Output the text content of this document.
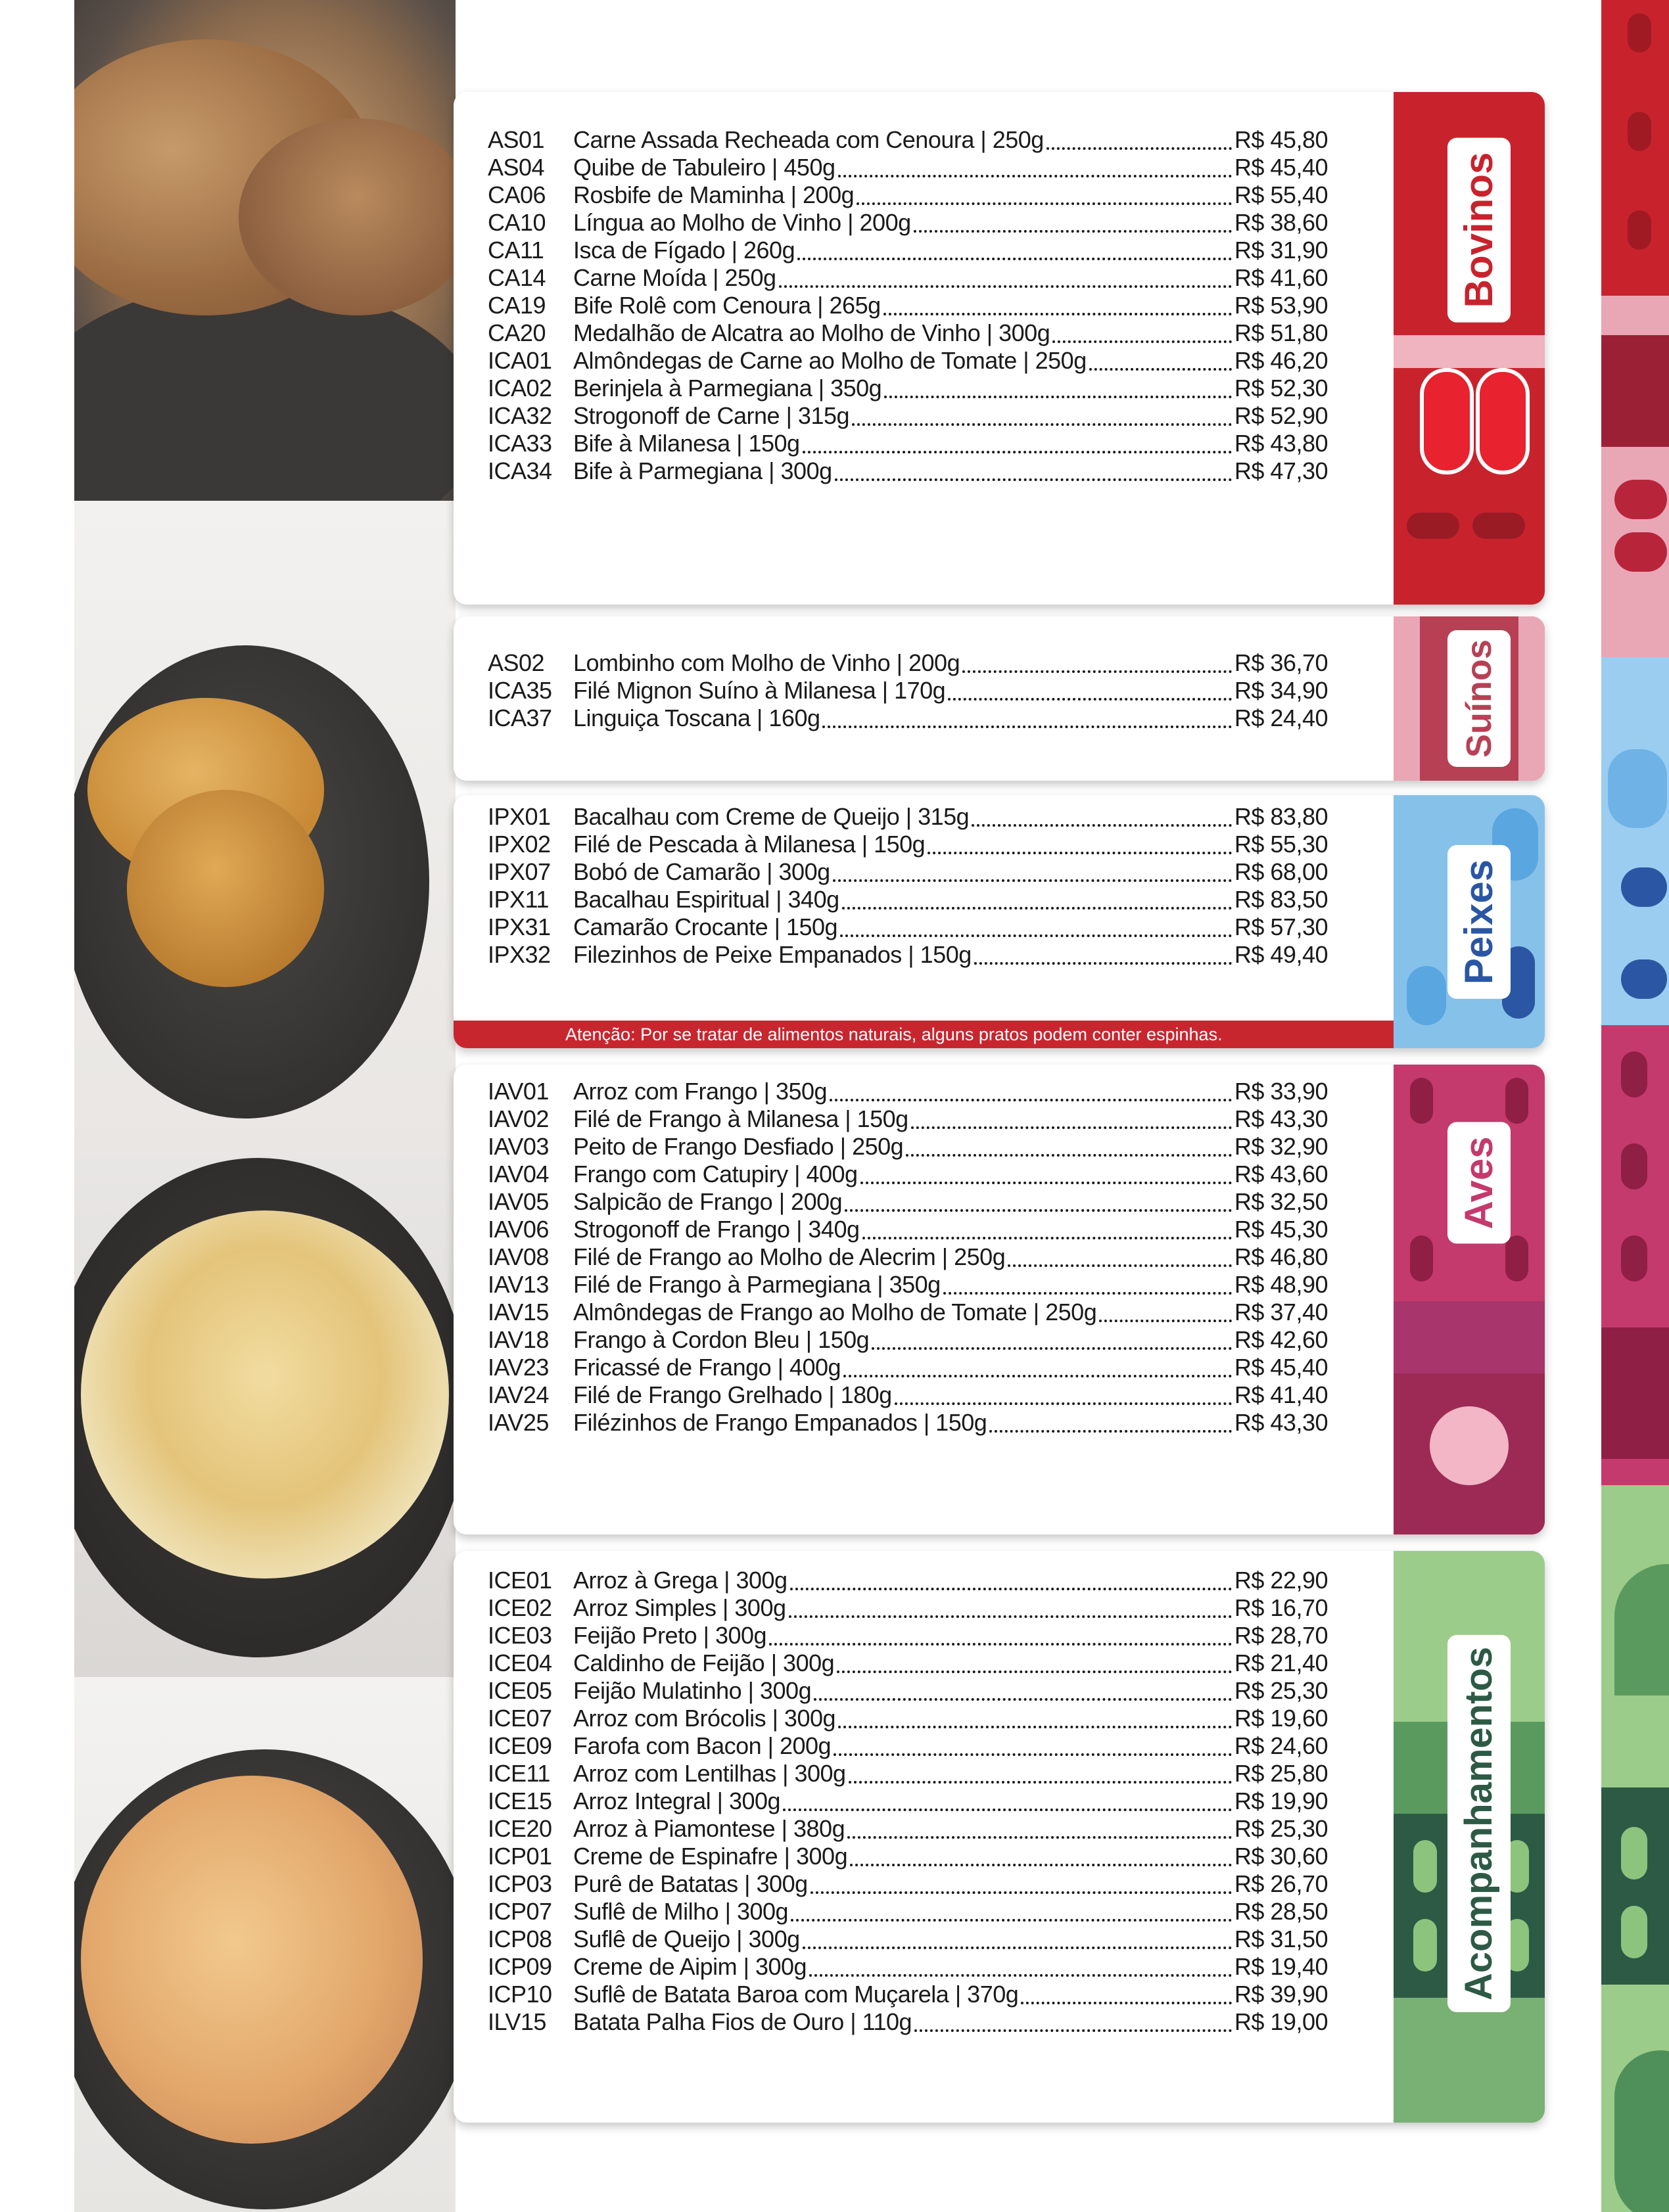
AS01	Carne Assada Recheada com Cenoura | 250g	R$ 45,80
AS04	Quibe de Tabuleiro | 450g	R$ 45,40
CA06	Rosbife de Maminha | 200g	R$ 55,40
CA10	Língua ao Molho de Vinho | 200g	R$ 38,60
CA11	Isca de Fígado | 260g	R$ 31,90
CA14	Carne Moída | 250g	R$ 41,60
CA19	Bife Rolê com Cenoura | 265g	R$ 53,90
CA20	Medalhão de Alcatra ao Molho de Vinho | 300g	R$ 51,80
ICA01 Almôndegas de Carne ao Molho de Tomate | 250g	R$ 46,20
ICA02 Berinjela à Parmegiana | 350g	R$ 52,30
ICA32 Strogonoff de Carne | 315g	R$ 52,90
ICA33 Bife à Milanesa | 150g	R$ 43,80
ICA34 Bife à Parmegiana | 300g	R$ 47,30
Bovinos
AS02	Lombinho com Molho de Vinho | 200g	R$ 36,70
ICA35 Filé Mignon Suíno à Milanesa | 170g	R$ 34,90
ICA37 Linguiça Toscana | 160g	R$ 24,40	Suínos
IPX01 Bacalhau com Creme de Queijo | 315g	R$ 83,80
IPX02 Filé de Pescada à Milanesa | 150g	R$ 55,30
IPX07 Bobó de Camarão | 300g	R$ 68,00
IPX11	Bacalhau Espiritual | 340g	R$ 83,50
IPX31 Camarão Crocante | 150g	R$ 57,30
IPX32 Filezinhos de Peixe Empanados | 150g	R$ 49,40
Atenção: Por se tratar de alimentos naturais, alguns pratos podem conter espinhas.
Peixes
IAV01	Arroz com Frango | 350g	R$ 33,90
IAV02	Filé de Frango à Milanesa | 150g	R$ 43,30
IAV03	Peito de Frango Desfiado | 250g	R$ 32,90
IAV04	Frango com Catupiry | 400g	R$ 43,60
IAV05	Salpicão de Frango | 200g	R$ 32,50
IAV06	Strogonoff de Frango | 340g	R$ 45,30
IAV08	Filé de Frango ao Molho de Alecrim | 250g	R$ 46,80
IAV13	Filé de Frango à Parmegiana | 350g	R$ 48,90
IAV15	Almôndegas de Frango ao Molho de Tomate | 250g	R$ 37,40
IAV18	Frango à Cordon Bleu | 150g	R$ 42,60
IAV23	Fricassé de Frango | 400g	R$ 45,40
IAV24	Filé de Frango Grelhado | 180g	R$ 41,40
IAV25	Filézinhos de Frango Empanados | 150g	R$ 43,30
Aves
ICE01 Arroz à Grega | 300g	R$ 22,90
ICE02 Arroz Simples | 300g	R$ 16,70
ICE03 Feijão Preto | 300g	R$ 28,70
ICE04 Caldinho de Feijão | 300g	R$ 21,40
ICE05 Feijão Mulatinho | 300g	R$ 25,30
ICE07 Arroz com Brócolis | 300g	R$ 19,60
ICE09 Farofa com Bacon | 200g	R$ 24,60
ICE11 Arroz com Lentilhas | 300g	R$ 25,80
ICE15 Arroz Integral | 300g	R$ 19,90
ICE20 Arroz à Piamontese | 380g	R$ 25,30
ICP01 Creme de Espinafre | 300g	R$ 30,60
ICP03 Purê de Batatas | 300g	R$ 26,70
ICP07 Suflê de Milho | 300g	R$ 28,50
ICP08 Suflê de Queijo | 300g	R$ 31,50
ICP09 Creme de Aipim | 300g	R$ 19,40
ICP10 Suflê de Batata Baroa com Muçarela | 370g	R$ 39,90
ILV15	Batata Palha Fios de Ouro | 110g	R$ 19,00
Acompanhamentos
